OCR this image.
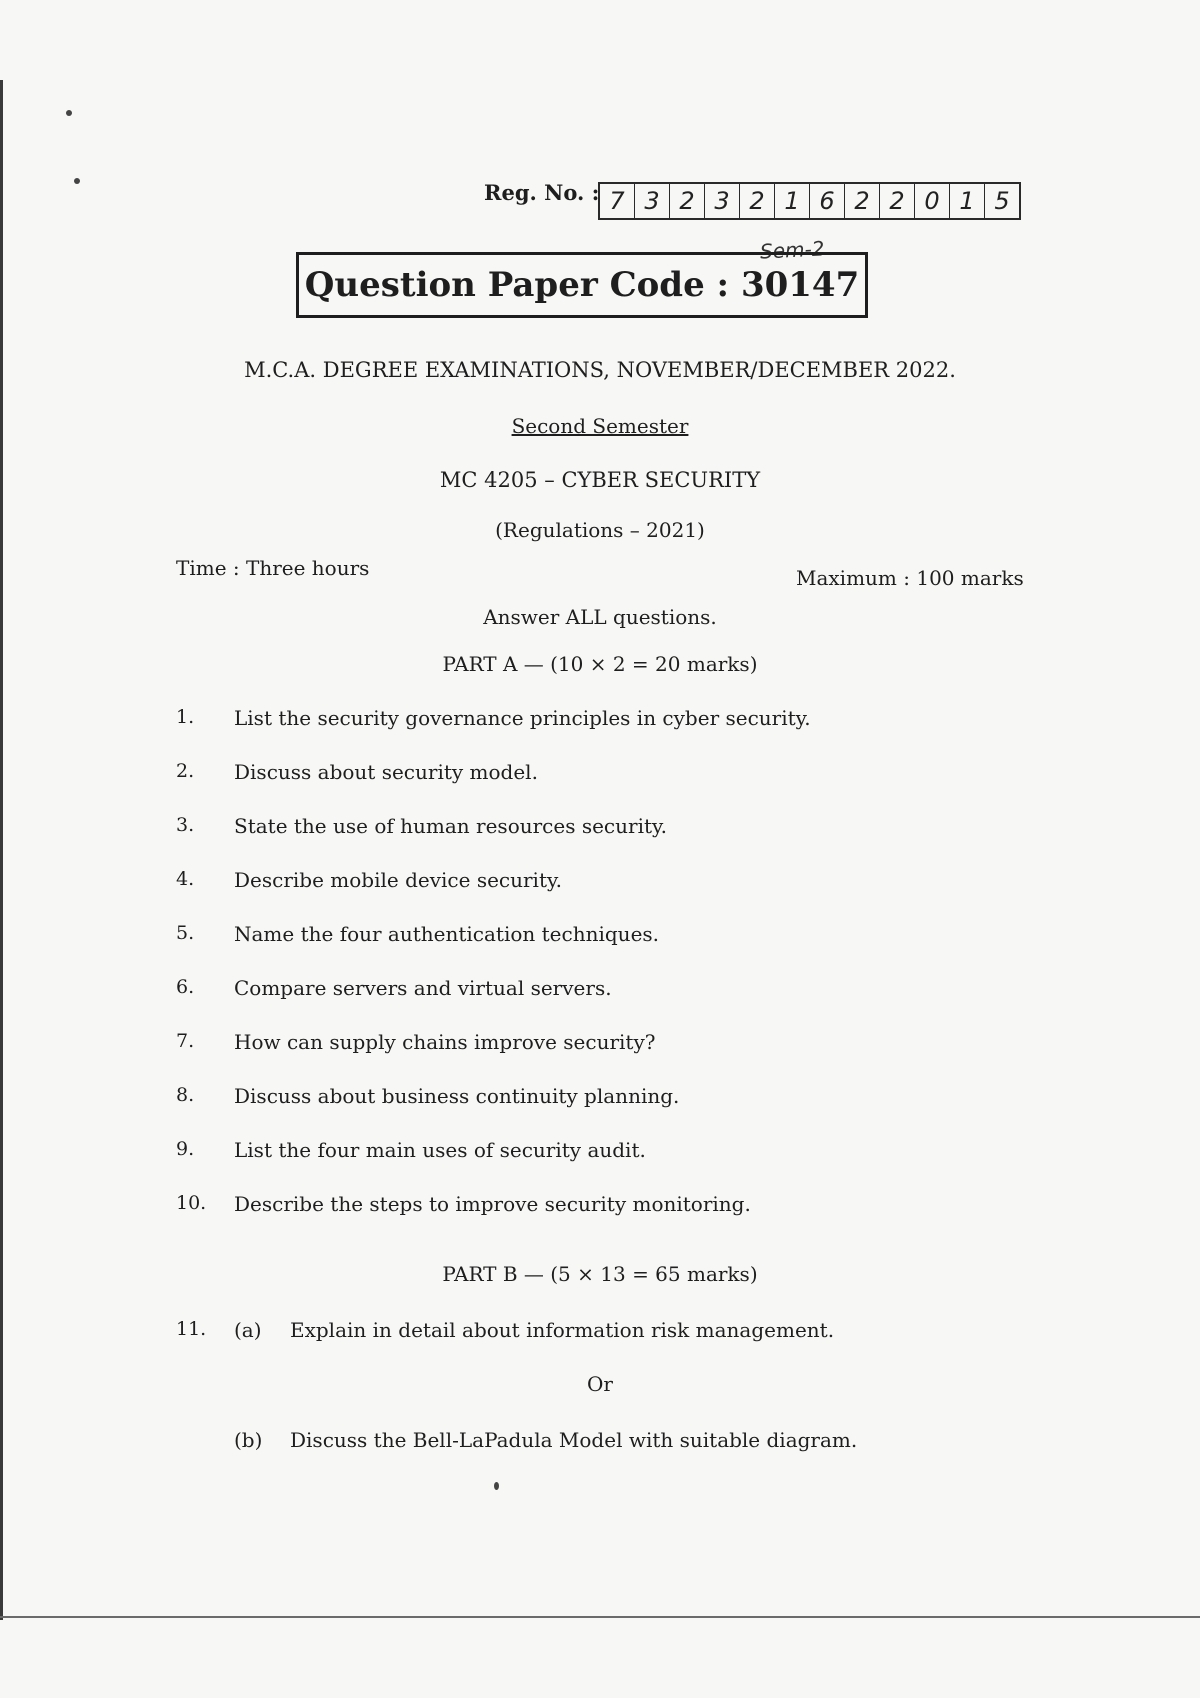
Reg. No. : 7 3 2 3 2 1 6 2 2 0 1 5
Sem-2
Question Paper Code : 30147
M.C.A. DEGREE EXAMINATIONS, NOVEMBER/DECEMBER 2022.
Second Semester
MC 4205 – CYBER SECURITY
(Regulations – 2021)
Time : Three hours	Maximum : 100 marks
Answer ALL questions.
PART A — (10 × 2 = 20 marks)
1. List the security governance principles in cyber security.
2. Discuss about security model.
3. State the use of human resources security.
4. Describe mobile device security.
5. Name the four authentication techniques.
6. Compare servers and virtual servers.
7. How can supply chains improve security?
8. Discuss about business continuity planning.
9. List the four main uses of security audit.
10. Describe the steps to improve security monitoring.
PART B — (5 × 13 = 65 marks)
11. (a) Explain in detail about information risk management.
Or
(b) Discuss the Bell-LaPadula Model with suitable diagram.
